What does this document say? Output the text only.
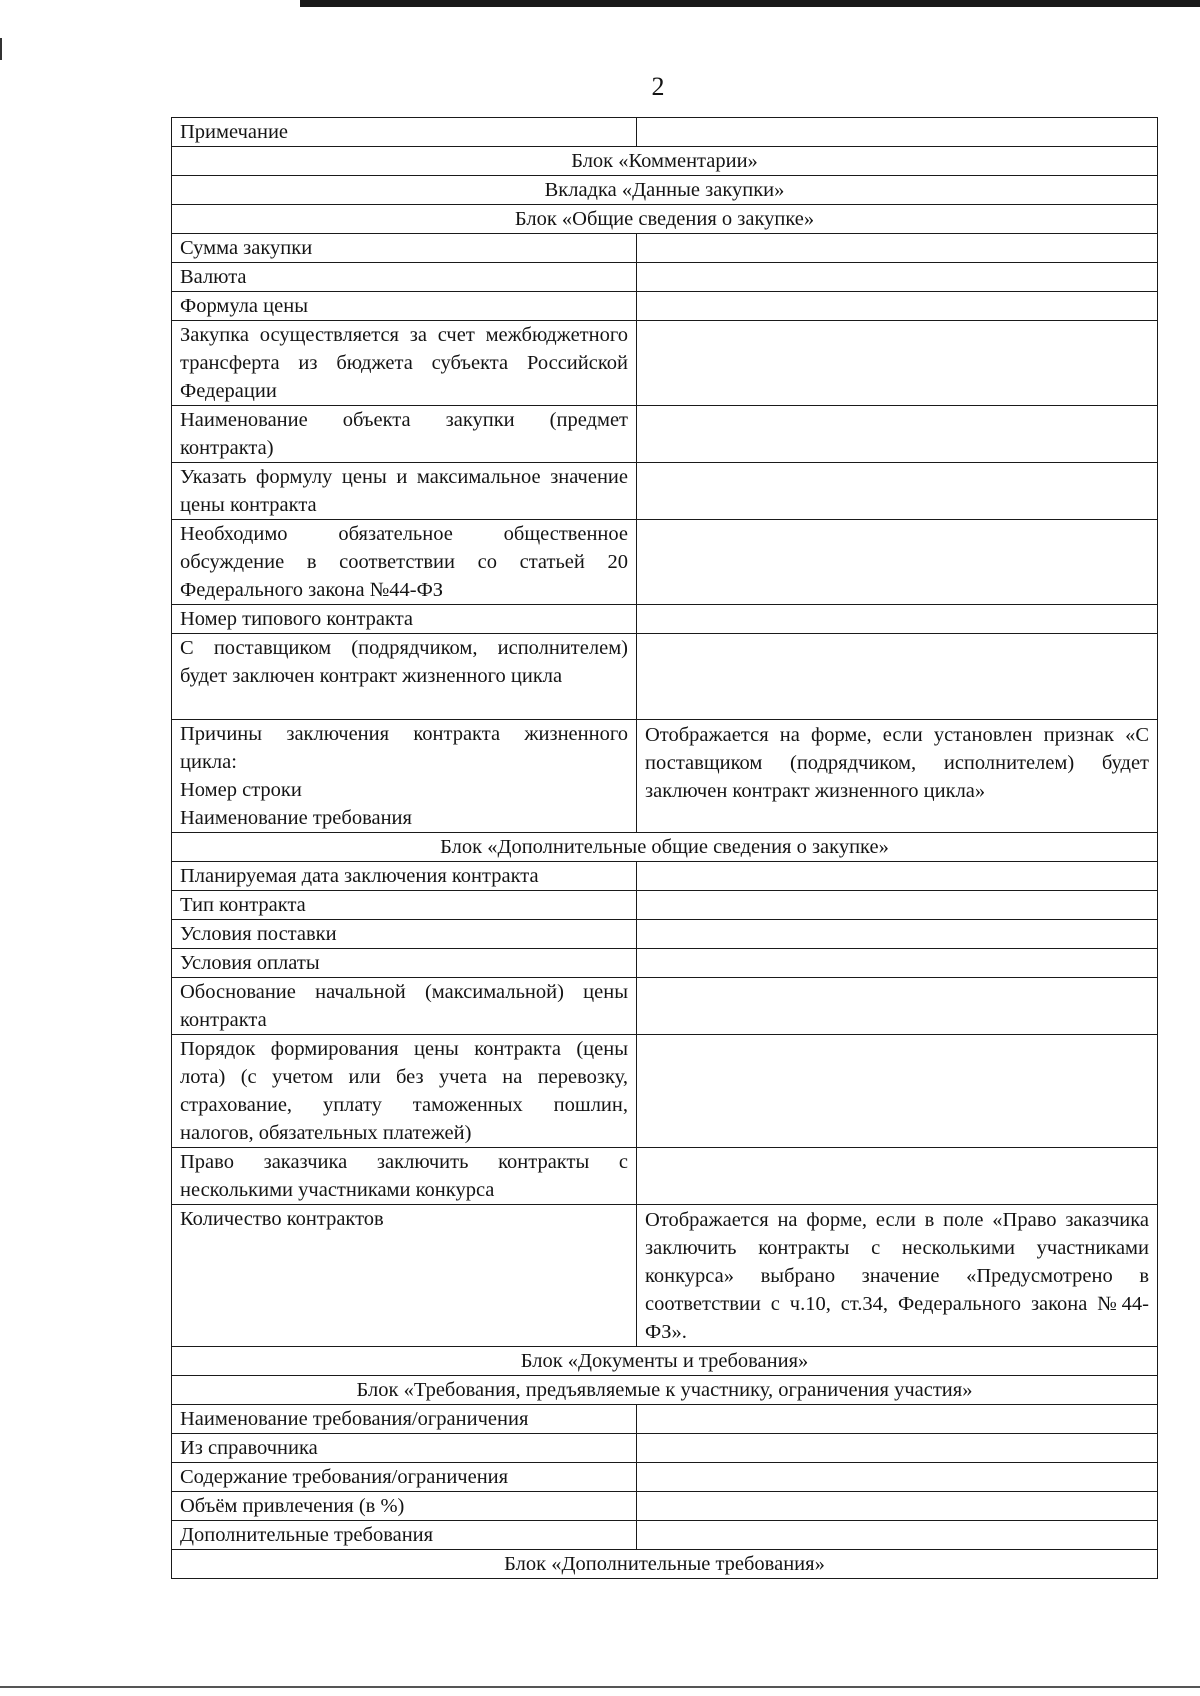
2
Примечание	
Блок «Комментарии»	
Вкладка «Данные закупки»	
Блок «Общие сведения о закупке»	
Сумма закупки	
Валюта	
Формула цены	
Закупка осуществляется за счет межбюджетного трансферта из бюджета субъекта Российской Федерации	
Наименование объекта закупки (предмет контракта)	
Указать формулу цены и максимальное значение цены контракта	
Необходимо обязательное общественное обсуждение в соответствии со статьей 20 Федерального закона №44-ФЗ	
Номер типового контракта	
С поставщиком (подрядчиком, исполнителем) будет заключен контракт жизненного цикла	

Причины заключения контракта жизненного цикла:
Номер строки
Наименование требования	Отображается на форме, если установлен признак «С поставщиком (подрядчиком, исполнителем) будет заключен контракт жизненного цикла»
Блок «Дополнительные общие сведения о закупке»	
Планируемая дата заключения контракта	
Тип контракта	
Условия поставки	
Условия оплаты	
Обоснование начальной (максимальной) цены контракта	
Порядок формирования цены контракта (цены лота) (с учетом или без учета на перевозку, страхование, уплату таможенных пошлин, налогов, обязательных платежей)	
Право заказчика заключить контракты с несколькими участниками конкурса	
Количество контрактов	Отображается на форме, если в поле «Право заказчика заключить контракты с несколькими участниками конкурса» выбрано значение «Предусмотрено в соответствии с ч.10, ст.34, Федерального закона №44-ФЗ».
Блок «Документы и требования»	
Блок «Требования, предъявляемые к участнику, ограничения участия»	
Наименование требования/ограничения	
Из справочника	
Содержание требования/ограничения	
Объём привлечения (в %)	
Дополнительные требования	
Блок «Дополнительные требования»	
